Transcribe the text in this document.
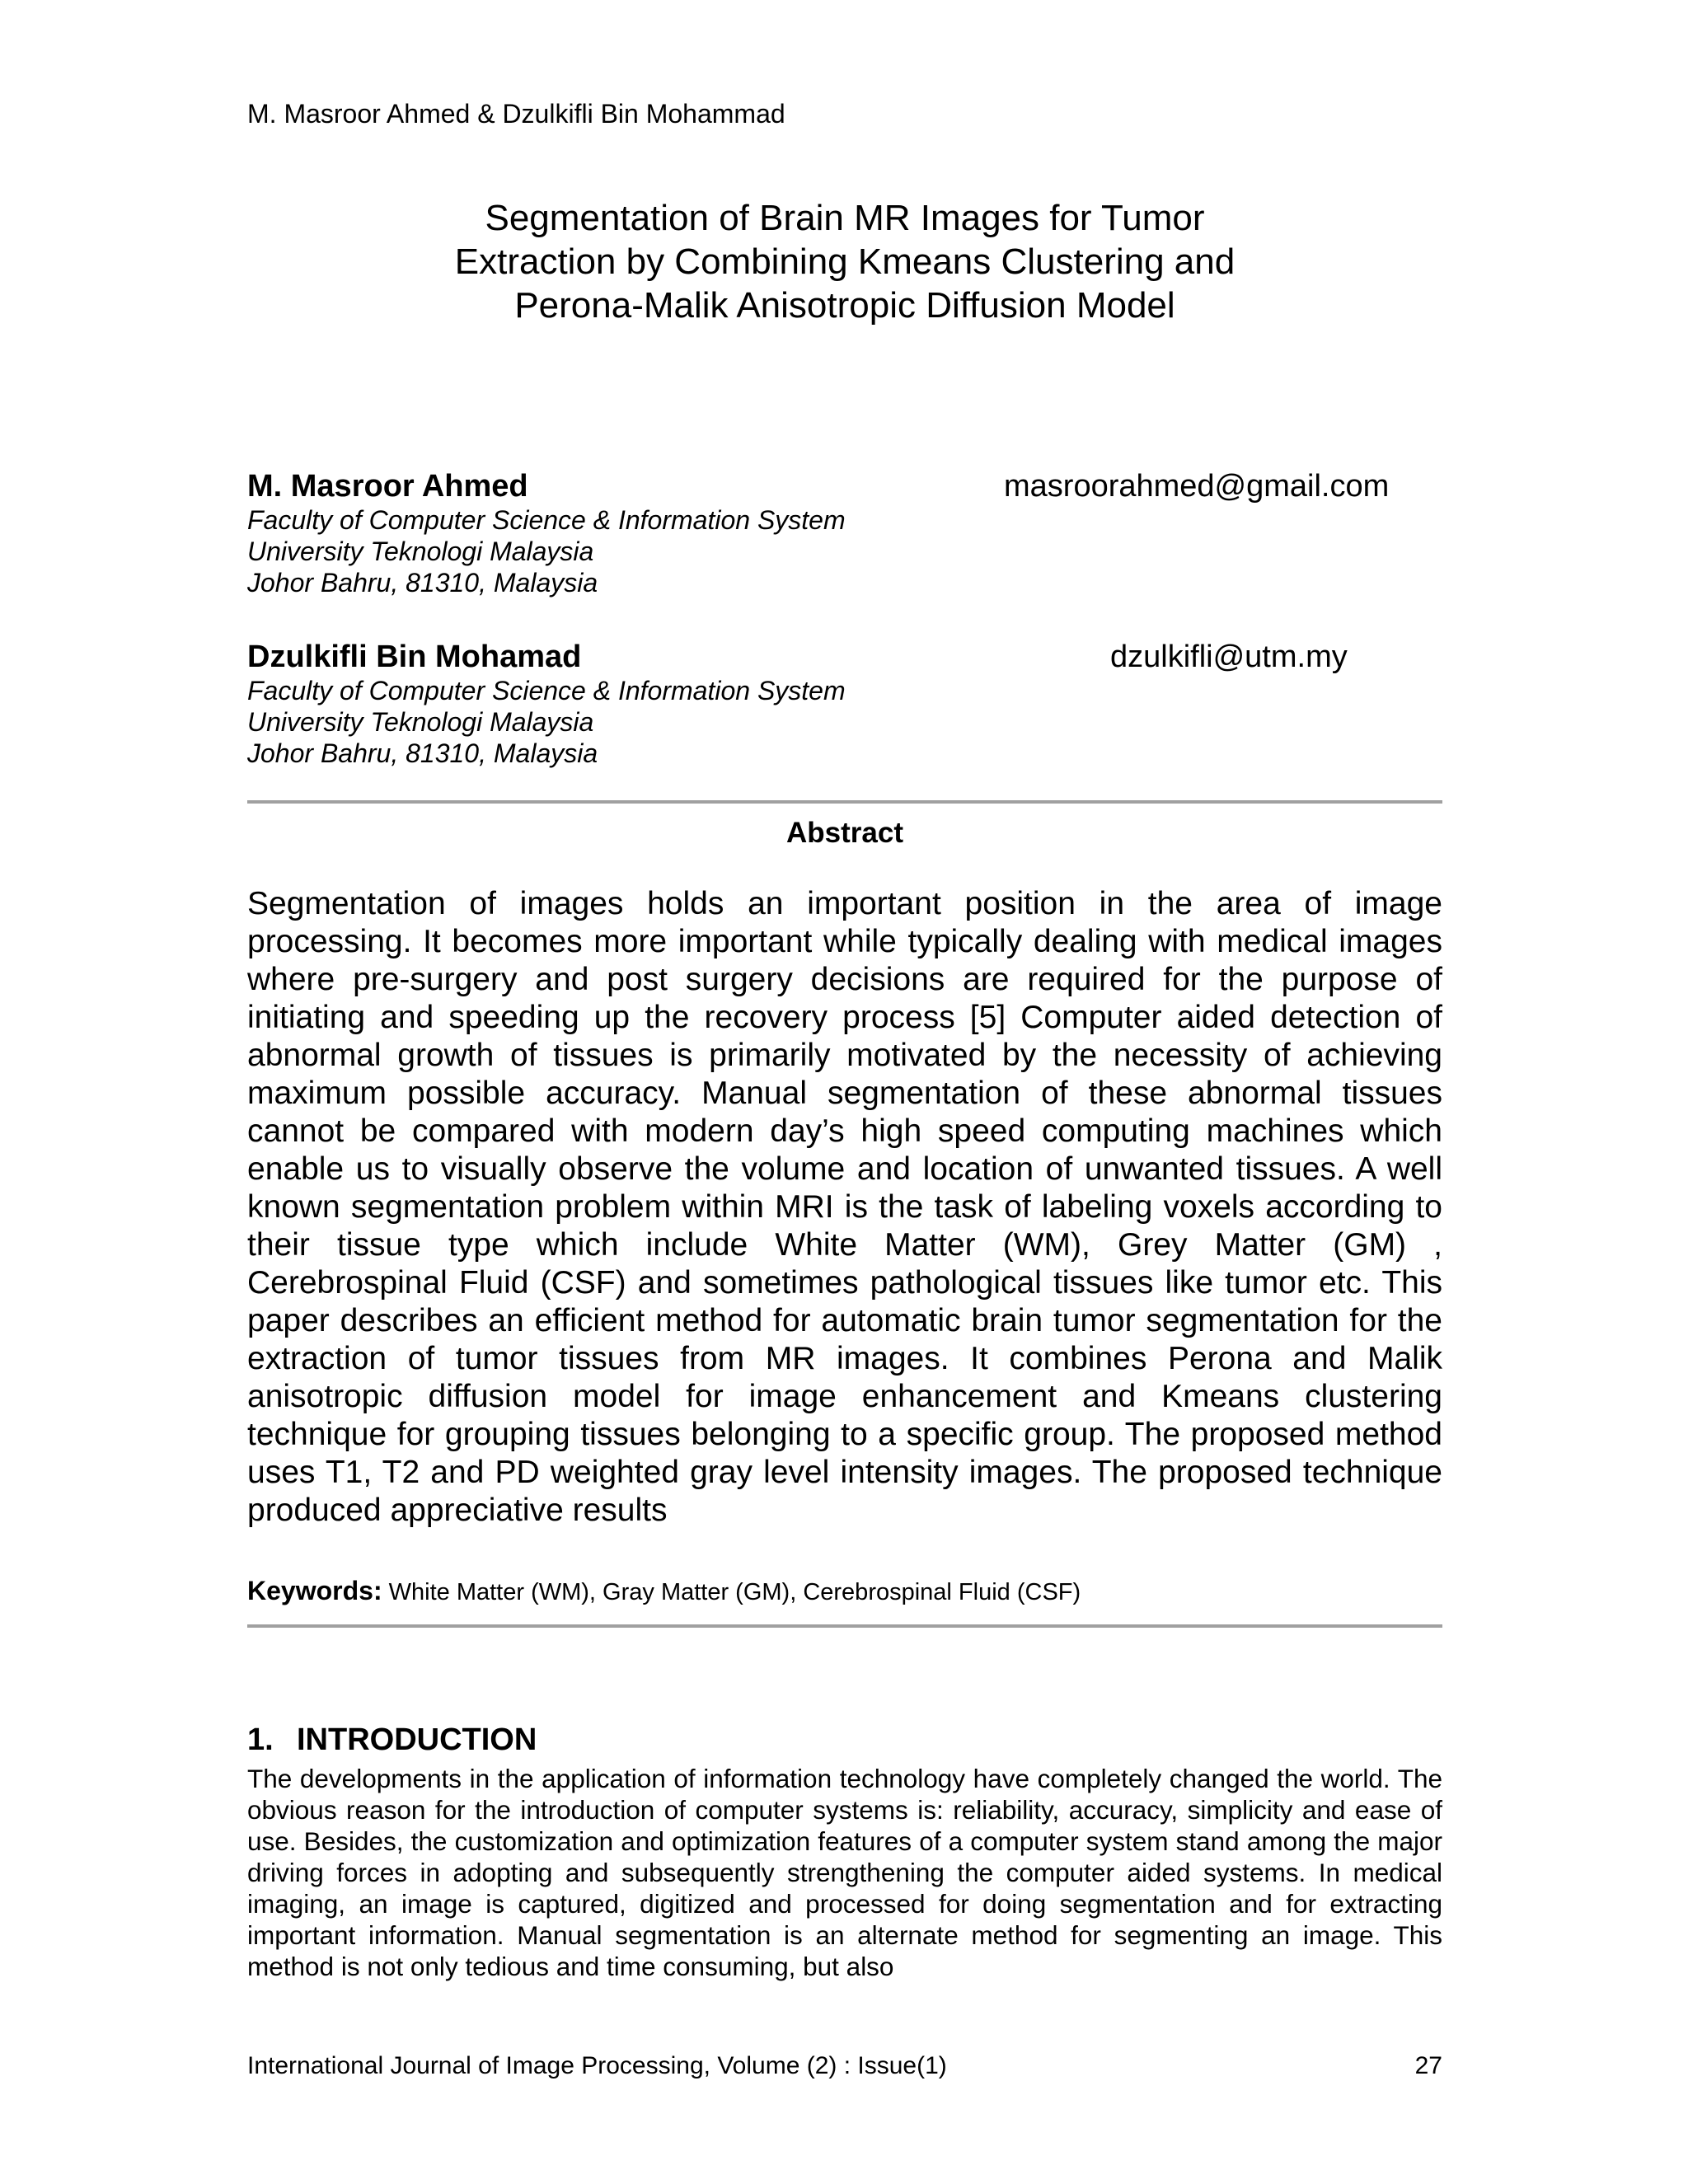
M. Masroor Ahmed & Dzulkifli Bin Mohammad
Segmentation of Brain MR Images for Tumor
Extraction by Combining Kmeans Clustering and
Perona-Malik Anisotropic Diffusion Model
M. Masroor Ahmed	masroorahmed@gmail.com
Faculty of Computer Science & Information System
University Teknologi Malaysia
Johor Bahru, 81310, Malaysia
Dzulkifli Bin Mohamad	dzulkifli@utm.my
Faculty of Computer Science & Information System
University Teknologi Malaysia
Johor Bahru, 81310, Malaysia
Abstract

Segmentation of images holds an important position in the area of image processing. It becomes more important while typically dealing with medical images where pre-surgery and post surgery decisions are required for the purpose of initiating and speeding up the recovery process [5] Computer aided detection of abnormal growth of tissues is primarily motivated by the necessity of achieving maximum possible accuracy. Manual segmentation of these abnormal tissues cannot be compared with modern day’s high speed computing machines which enable us to visually observe the volume and location of unwanted tissues. A well known segmentation problem within MRI is the task of labeling voxels according to their tissue type which include White Matter (WM), Grey Matter (GM) , Cerebrospinal Fluid (CSF) and sometimes pathological tissues like tumor etc. This paper describes an efficient method for automatic brain tumor segmentation for the extraction of tumor tissues from MR images. It combines Perona and Malik anisotropic diffusion model for image enhancement and Kmeans clustering technique for grouping tissues belonging to a specific group. The proposed method uses T1, T2 and PD weighted gray level intensity images. The proposed technique produced appreciative results

Keywords: White Matter (WM), Gray Matter (GM), Cerebrospinal Fluid (CSF)
1. INTRODUCTION

The developments in the application of information technology have completely changed the world. The obvious reason for the introduction of computer systems is: reliability, accuracy, simplicity and ease of use. Besides, the customization and optimization features of a computer system stand among the major driving forces in adopting and subsequently strengthening the computer aided systems. In medical imaging, an image is captured, digitized and processed for doing segmentation and for extracting important information. Manual segmentation is an alternate method for segmenting an image. This method is not only tedious and time consuming, but also

International Journal of Image Processing, Volume (2) : Issue(1)	27
